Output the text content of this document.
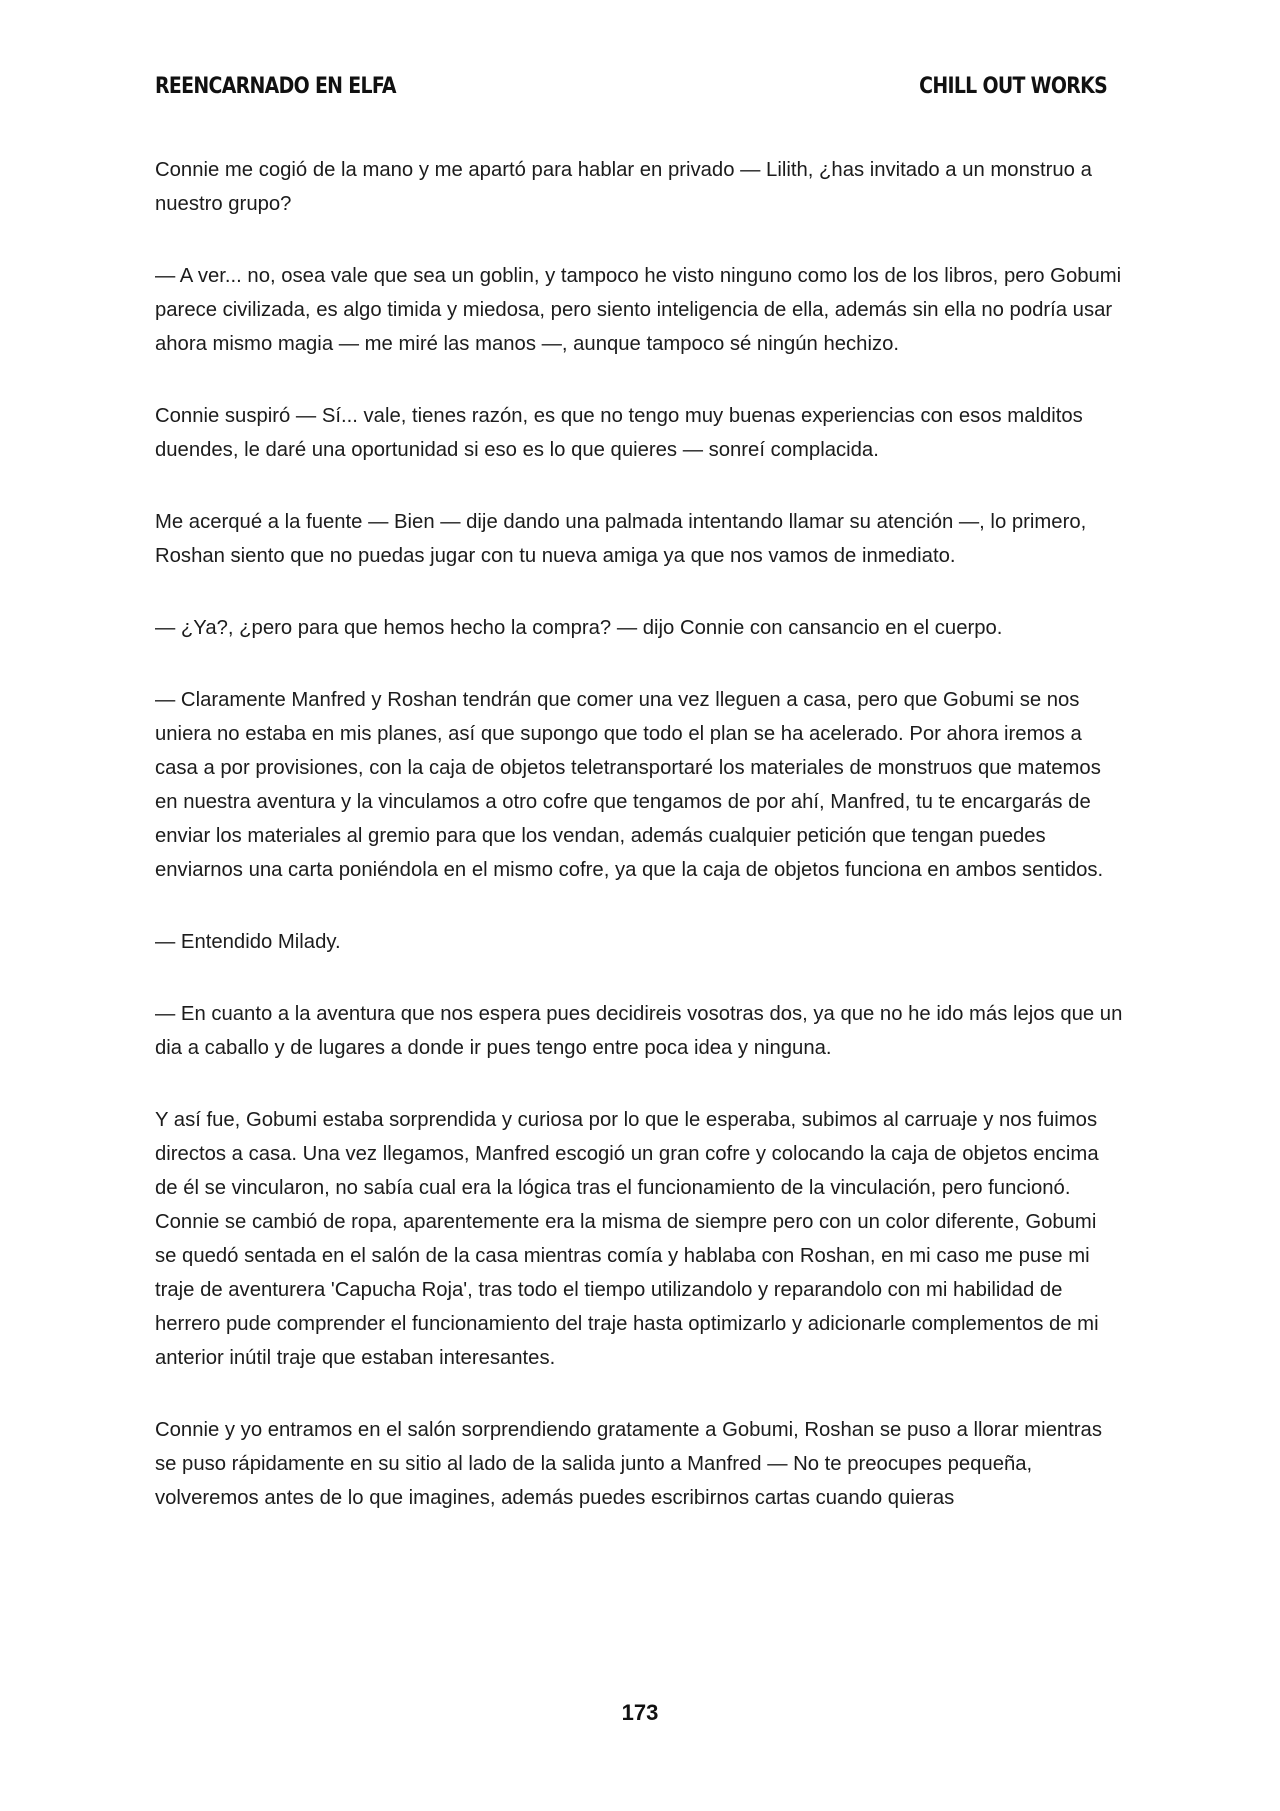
REENCARNADO EN ELFA	CHILL OUT WORKS

Connie me cogió de la mano y me apartó para hablar en privado — Lilith, ¿has invitado a un monstruo a nuestro grupo?

— A ver... no, osea vale que sea un goblin, y tampoco he visto ninguno como los de los libros, pero Gobumi parece civilizada, es algo timida y miedosa, pero siento inteligencia de ella, además sin ella no podría usar ahora mismo magia — me miré las manos —, aunque tampoco sé ningún hechizo.

Connie suspiró — Sí... vale, tienes razón, es que no tengo muy buenas experiencias con esos malditos duendes, le daré una oportunidad si eso es lo que quieres — sonreí complacida.

Me acerqué a la fuente — Bien — dije dando una palmada intentando llamar su atención —, lo primero, Roshan siento que no puedas jugar con tu nueva amiga ya que nos vamos de inmediato.

— ¿Ya?, ¿pero para que hemos hecho la compra? — dijo Connie con cansancio en el cuerpo.

— Claramente Manfred y Roshan tendrán que comer una vez lleguen a casa, pero que Gobumi se nos uniera no estaba en mis planes, así que supongo que todo el plan se ha acelerado. Por ahora iremos a casa a por provisiones, con la caja de objetos teletransportaré los materiales de monstruos que matemos en nuestra aventura y la vinculamos a otro cofre que tengamos de por ahí, Manfred, tu te encargarás de enviar los materiales al gremio para que los vendan, además cualquier petición que tengan puedes enviarnos una carta poniéndola en el mismo cofre, ya que la caja de objetos funciona en ambos sentidos.

— Entendido Milady.

— En cuanto a la aventura que nos espera pues decidireis vosotras dos, ya que no he ido más lejos que un dia a caballo y de lugares a donde ir pues tengo entre poca idea y ninguna.

Y así fue, Gobumi estaba sorprendida y curiosa por lo que le esperaba, subimos al carruaje y nos fuimos directos a casa. Una vez llegamos, Manfred escogió un gran cofre y colocando la caja de objetos encima de él se vincularon, no sabía cual era la lógica tras el funcionamiento de la vinculación, pero funcionó. Connie se cambió de ropa, aparentemente era la misma de siempre pero con un color diferente, Gobumi se quedó sentada en el salón de la casa mientras comía y hablaba con Roshan, en mi caso me puse mi traje de aventurera 'Capucha Roja', tras todo el tiempo utilizandolo y reparandolo con mi habilidad de herrero pude comprender el funcionamiento del traje hasta optimizarlo y adicionarle complementos de mi anterior inútil traje que estaban interesantes.

Connie y yo entramos en el salón sorprendiendo gratamente a Gobumi, Roshan se puso a llorar mientras se puso rápidamente en su sitio al lado de la salida junto a Manfred — No te preocupes pequeña, volveremos antes de lo que imagines, además puedes escribirnos cartas cuando quieras

173
